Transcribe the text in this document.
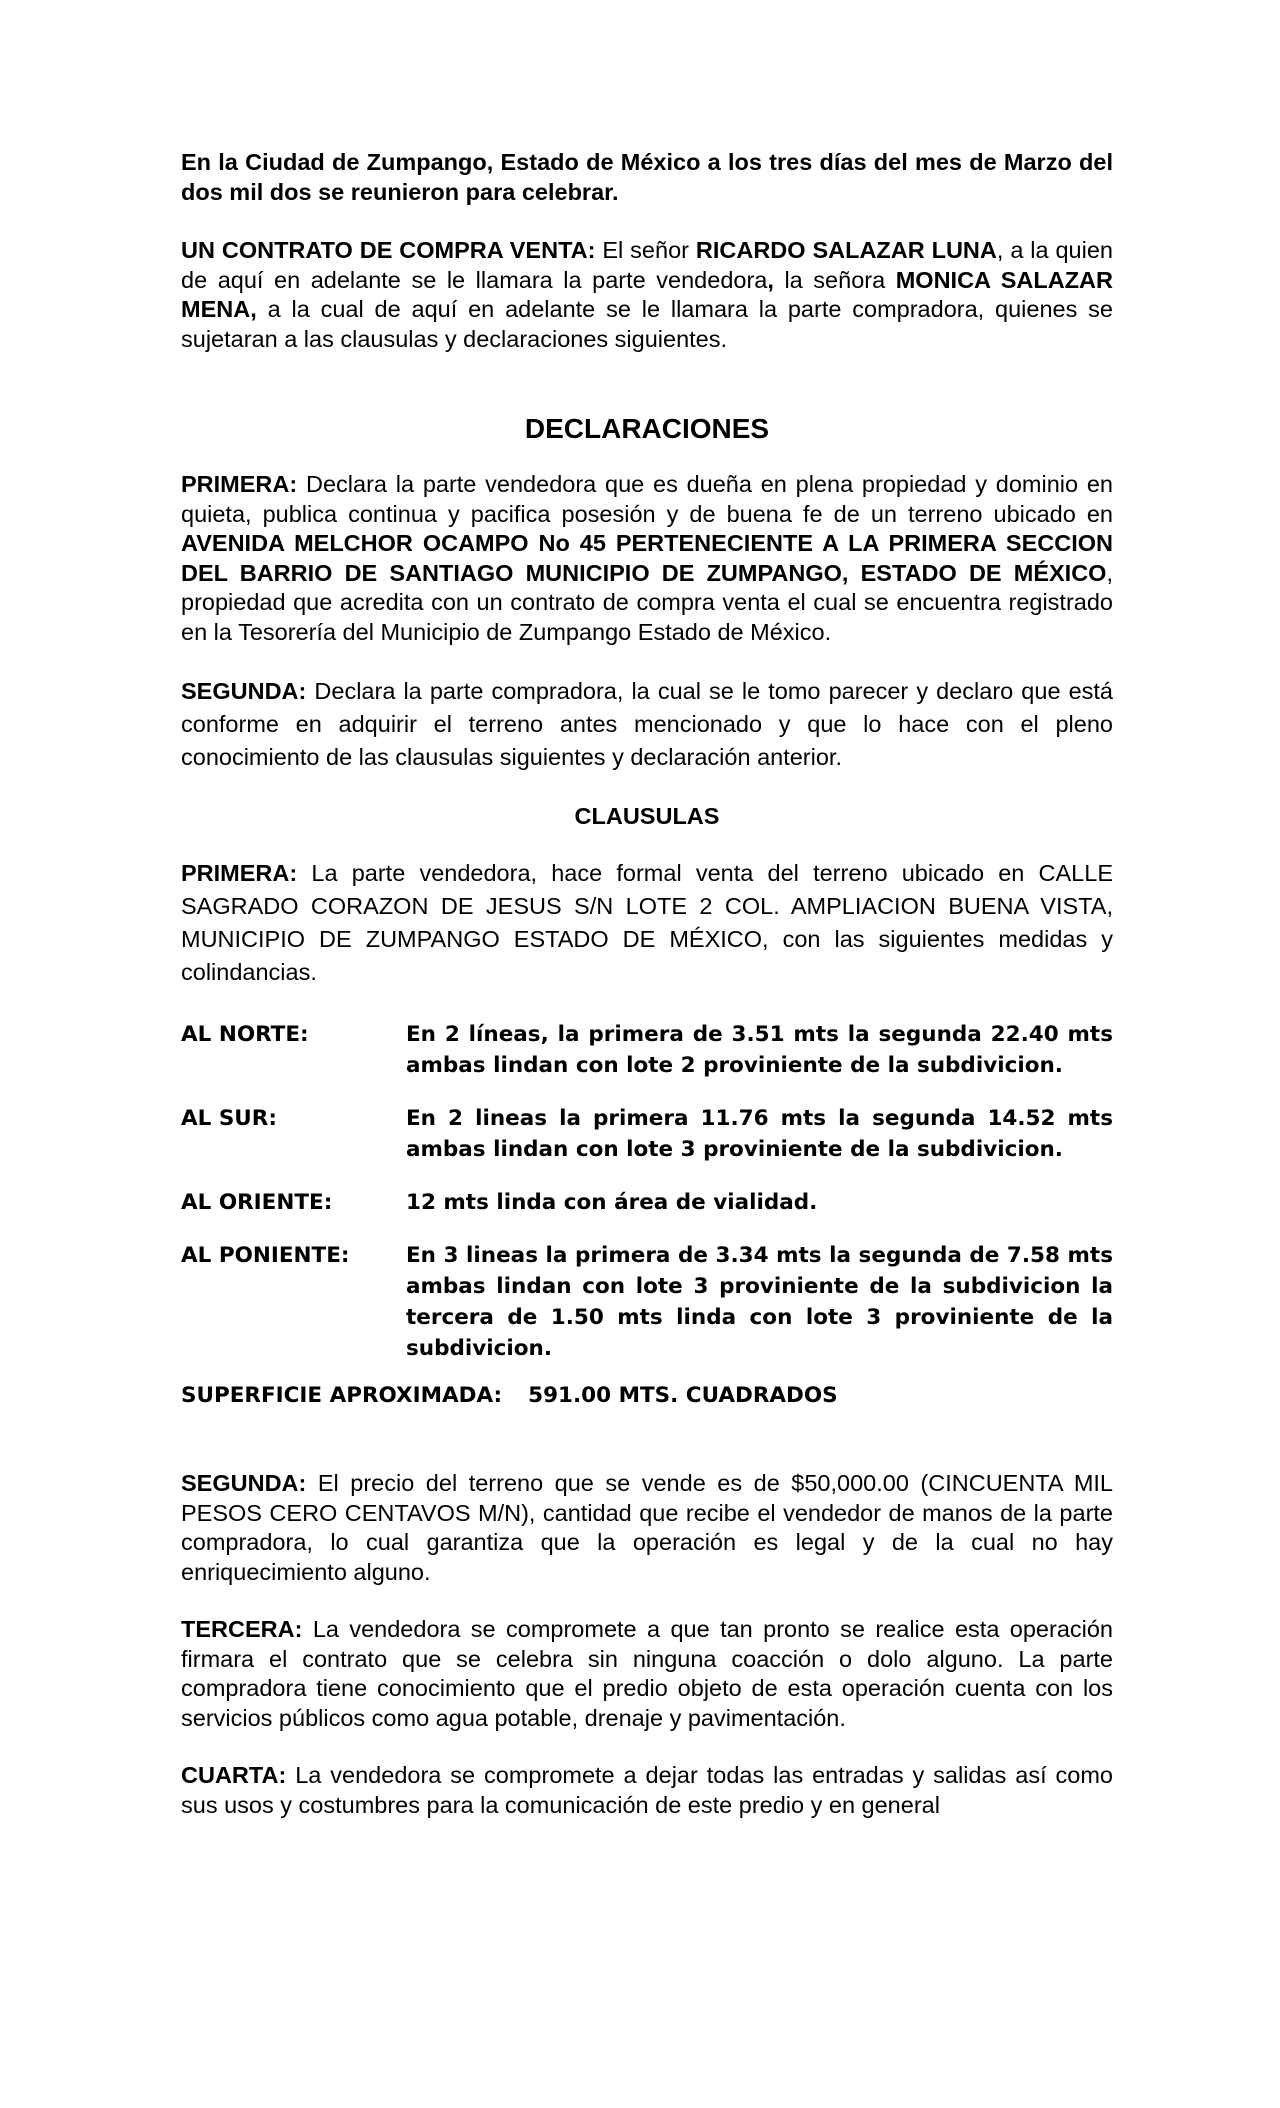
En la Ciudad de Zumpango, Estado de México a los tres días del mes de Marzo del dos mil dos se reunieron para celebrar.

UN CONTRATO DE COMPRA VENTA: El señor RICARDO SALAZAR LUNA, a la quien de aquí en adelante se le llamara la parte vendedora, la señora MONICA SALAZAR MENA, a la cual de aquí en adelante se le llamara la parte compradora, quienes se sujetaran a las clausulas y declaraciones siguientes.

DECLARACIONES

PRIMERA: Declara la parte vendedora que es dueña en plena propiedad y dominio en quieta, publica continua y pacifica posesión y de buena fe de un terreno ubicado en AVENIDA MELCHOR OCAMPO No 45 PERTENECIENTE A LA PRIMERA SECCION DEL BARRIO DE SANTIAGO MUNICIPIO DE ZUMPANGO, ESTADO DE MÉXICO, propiedad que acredita con un contrato de compra venta el cual se encuentra registrado en la Tesorería del Municipio de Zumpango Estado de México.

SEGUNDA: Declara la parte compradora, la cual se le tomo parecer y declaro que está conforme en adquirir el terreno antes mencionado y que lo hace con el pleno conocimiento de las clausulas siguientes y declaración anterior.

CLAUSULAS

PRIMERA: La parte vendedora, hace formal venta del terreno ubicado en CALLE SAGRADO CORAZON DE JESUS S/N LOTE 2 COL. AMPLIACION BUENA VISTA, MUNICIPIO DE ZUMPANGO ESTADO DE MÉXICO, con las siguientes medidas y colindancias.

AL NORTE:	En 2 líneas, la primera de 3.51 mts la segunda 22.40 mts ambas lindan con lote 2 proviniente de la subdivicion.
AL SUR:	En 2 lineas la primera 11.76 mts la segunda 14.52 mts ambas lindan con lote 3 proviniente de la subdivicion.
AL ORIENTE:	12 mts linda con área de vialidad.
AL PONIENTE:	En 3 lineas la primera de 3.34 mts la segunda de 7.58 mts ambas lindan con lote 3 proviniente de la subdivicion la tercera de 1.50 mts linda con lote 3 proviniente de la subdivicion.
SUPERFICIE APROXIMADA: 591.00 MTS. CUADRADOS

SEGUNDA: El precio del terreno que se vende es de $50,000.00 (CINCUENTA MIL PESOS CERO CENTAVOS M/N), cantidad que recibe el vendedor de manos de la parte compradora, lo cual garantiza que la operación es legal y de la cual no hay enriquecimiento alguno.

TERCERA: La vendedora se compromete a que tan pronto se realice esta operación firmara el contrato que se celebra sin ninguna coacción o dolo alguno. La parte compradora tiene conocimiento que el predio objeto de esta operación cuenta con los servicios públicos como agua potable, drenaje y pavimentación.

CUARTA: La vendedora se compromete a dejar todas las entradas y salidas así como sus usos y costumbres para la comunicación de este predio y en general
